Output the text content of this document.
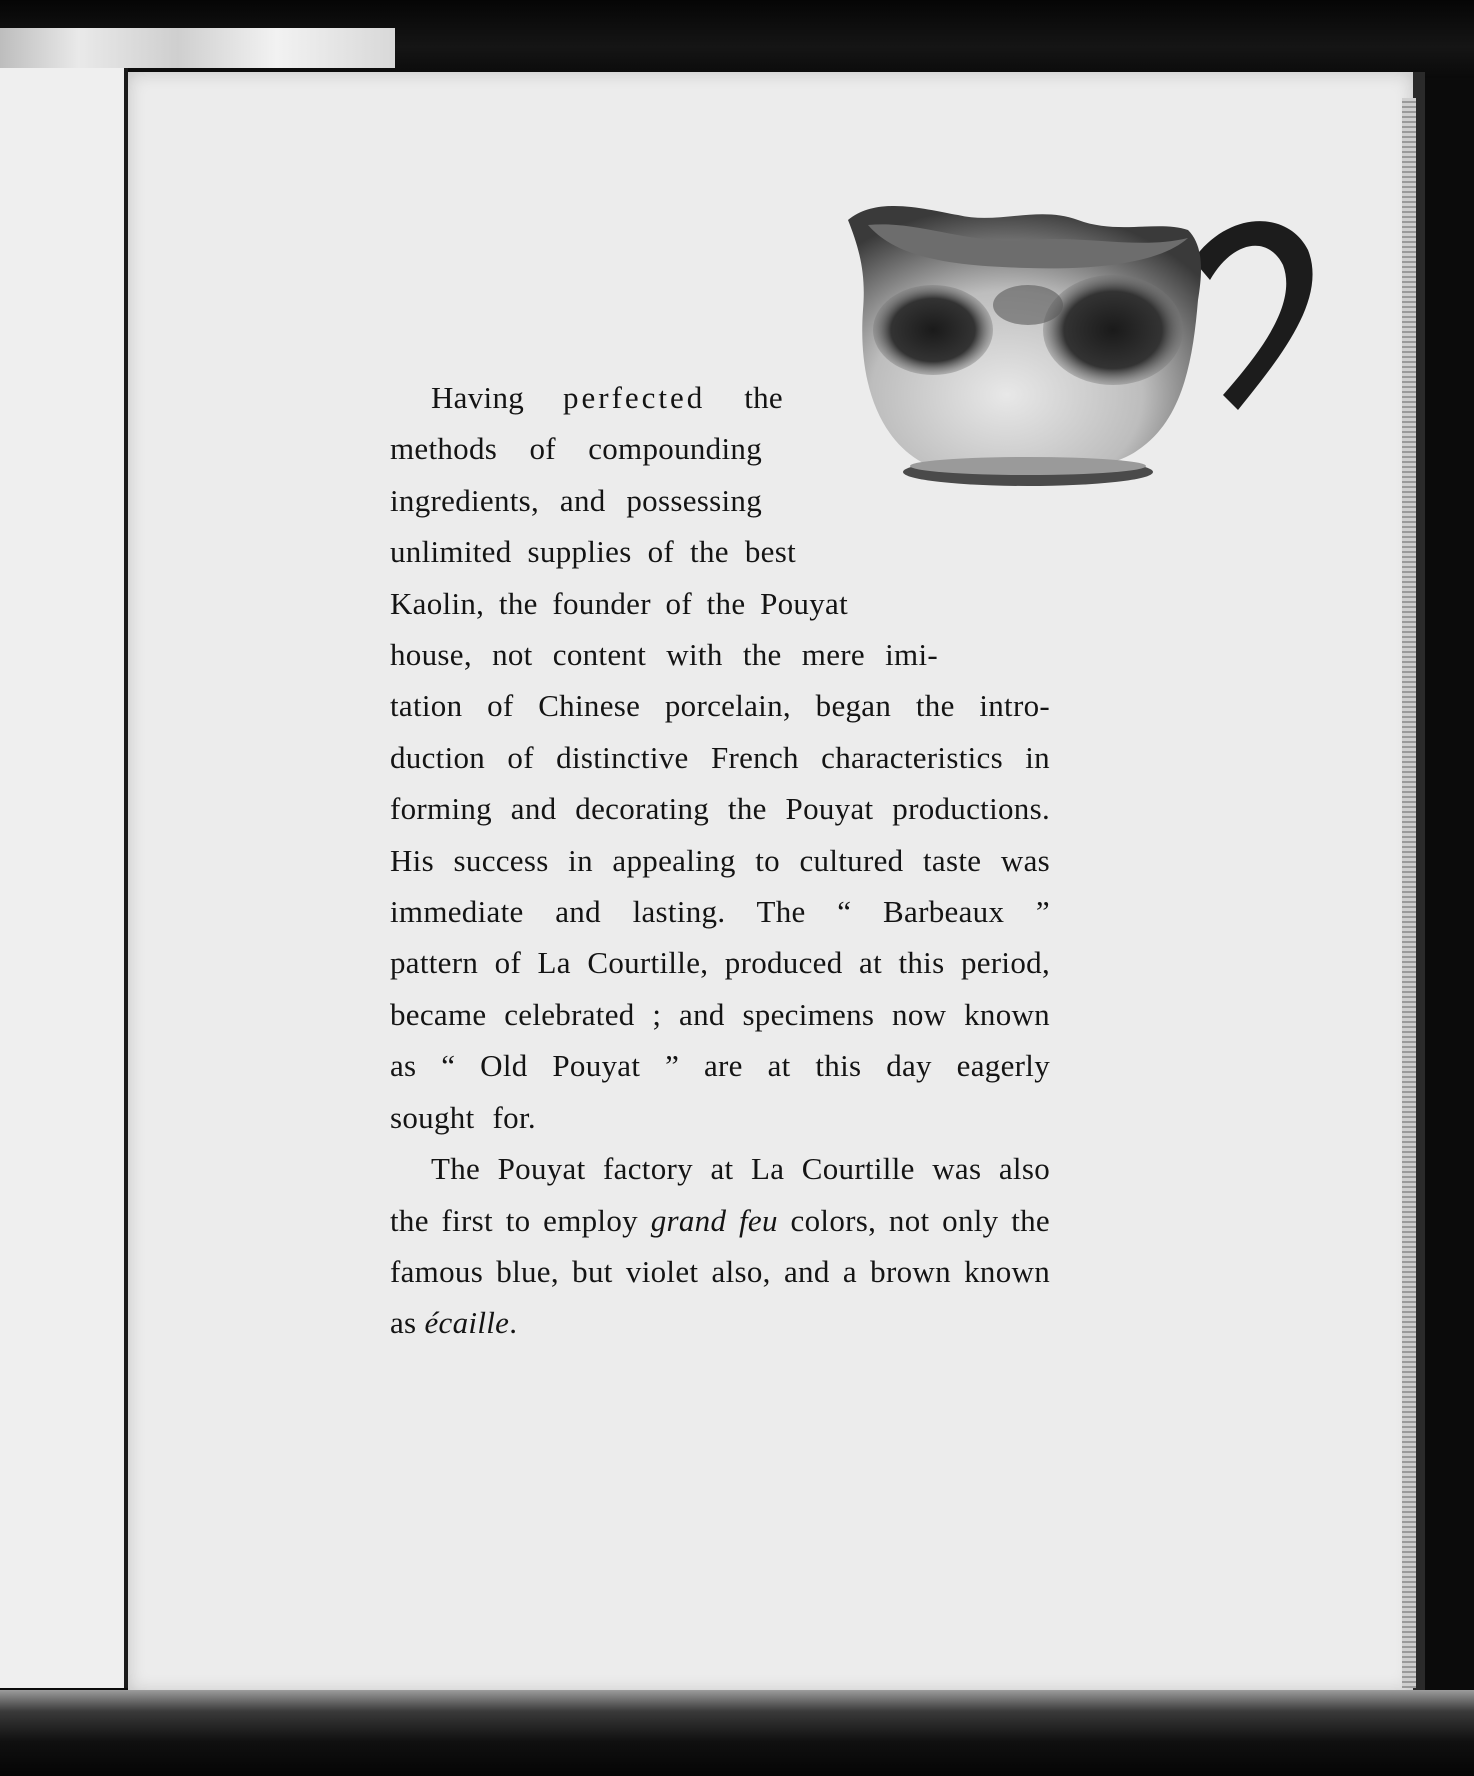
Having perfected the
methods of compounding
ingredients, and possessing
unlimited supplies of the best
Kaolin, the founder of the Pouyat
house, not content with the mere imi-
tation of Chinese porcelain, began the intro-
duction of distinctive French characteristics in
forming and decorating the Pouyat productions.
His success in appealing to cultured taste was
immediate and lasting. The “ Barbeaux ”
pattern of La Courtille, produced at this period,
became celebrated ; and specimens now known
as “ Old Pouyat ” are at this day eagerly
sought for.
The Pouyat factory at La Courtille was also
the first to employ grand feu colors, not only the
famous blue, but violet also, and a brown known
as écaille.
